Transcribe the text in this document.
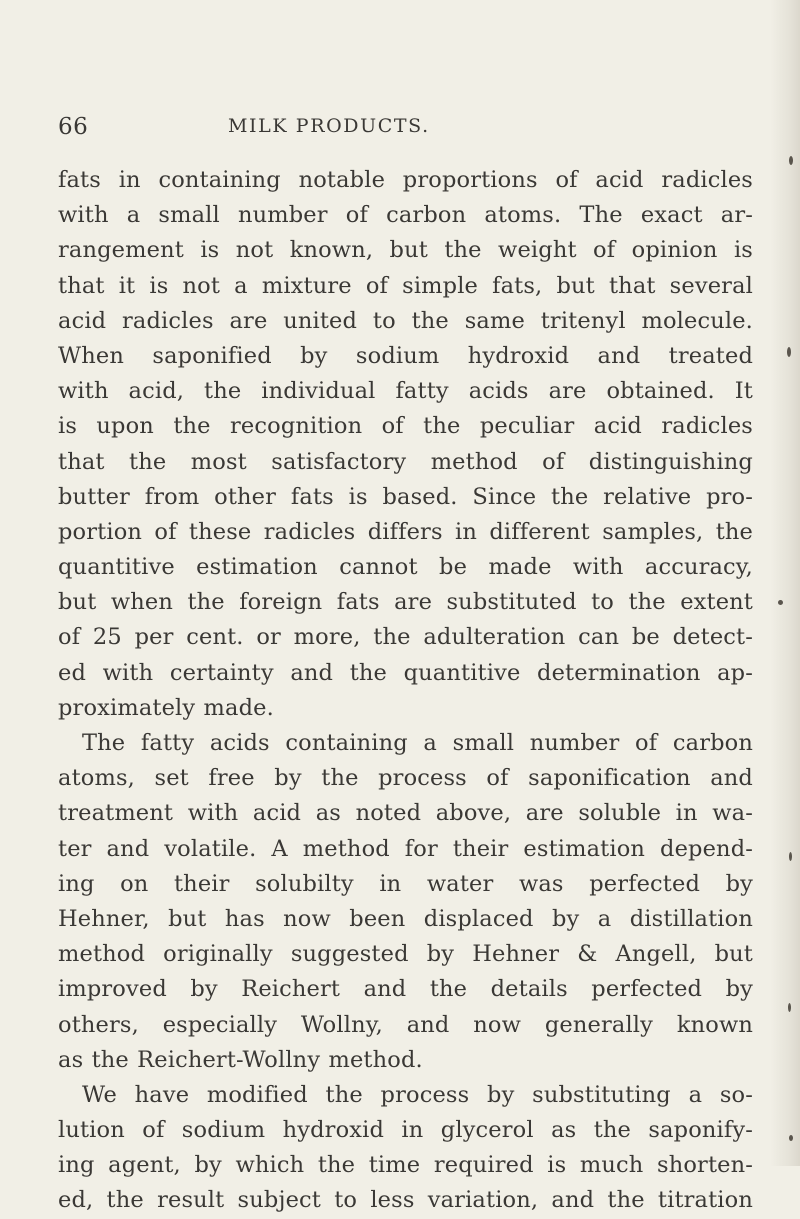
66	MILK PRODUCTS.
fats in containing notable proportions of acid radicles
with a small number of carbon atoms. The exact ar-
rangement is not known, but the weight of opinion is
that it is not a mixture of simple fats, but that several
acid radicles are united to the same tritenyl molecule.
When saponified by sodium hydroxid and treated
with acid, the individual fatty acids are obtained. It
is upon the recognition of the peculiar acid radicles
that the most satisfactory method of distinguishing
butter from other fats is based. Since the relative pro-
portion of these radicles differs in different samples, the
quantitive estimation cannot be made with accuracy,
but when the foreign fats are substituted to the extent
of 25 per cent. or more, the adulteration can be detect-
ed with certainty and the quantitive determination ap-
proximately made.
The fatty acids containing a small number of carbon
atoms, set free by the process of saponification and
treatment with acid as noted above, are soluble in wa-
ter and volatile. A method for their estimation depend-
ing on their solubilty in water was perfected by
Hehner, but has now been displaced by a distillation
method originally suggested by Hehner & Angell, but
improved by Reichert and the details perfected by
others, especially Wollny, and now generally known
as the Reichert-Wollny method.
We have modified the process by substituting a so-
lution of sodium hydroxid in glycerol as the saponify-
ing agent, by which the time required is much shorten-
ed, the result subject to less variation, and the titration
